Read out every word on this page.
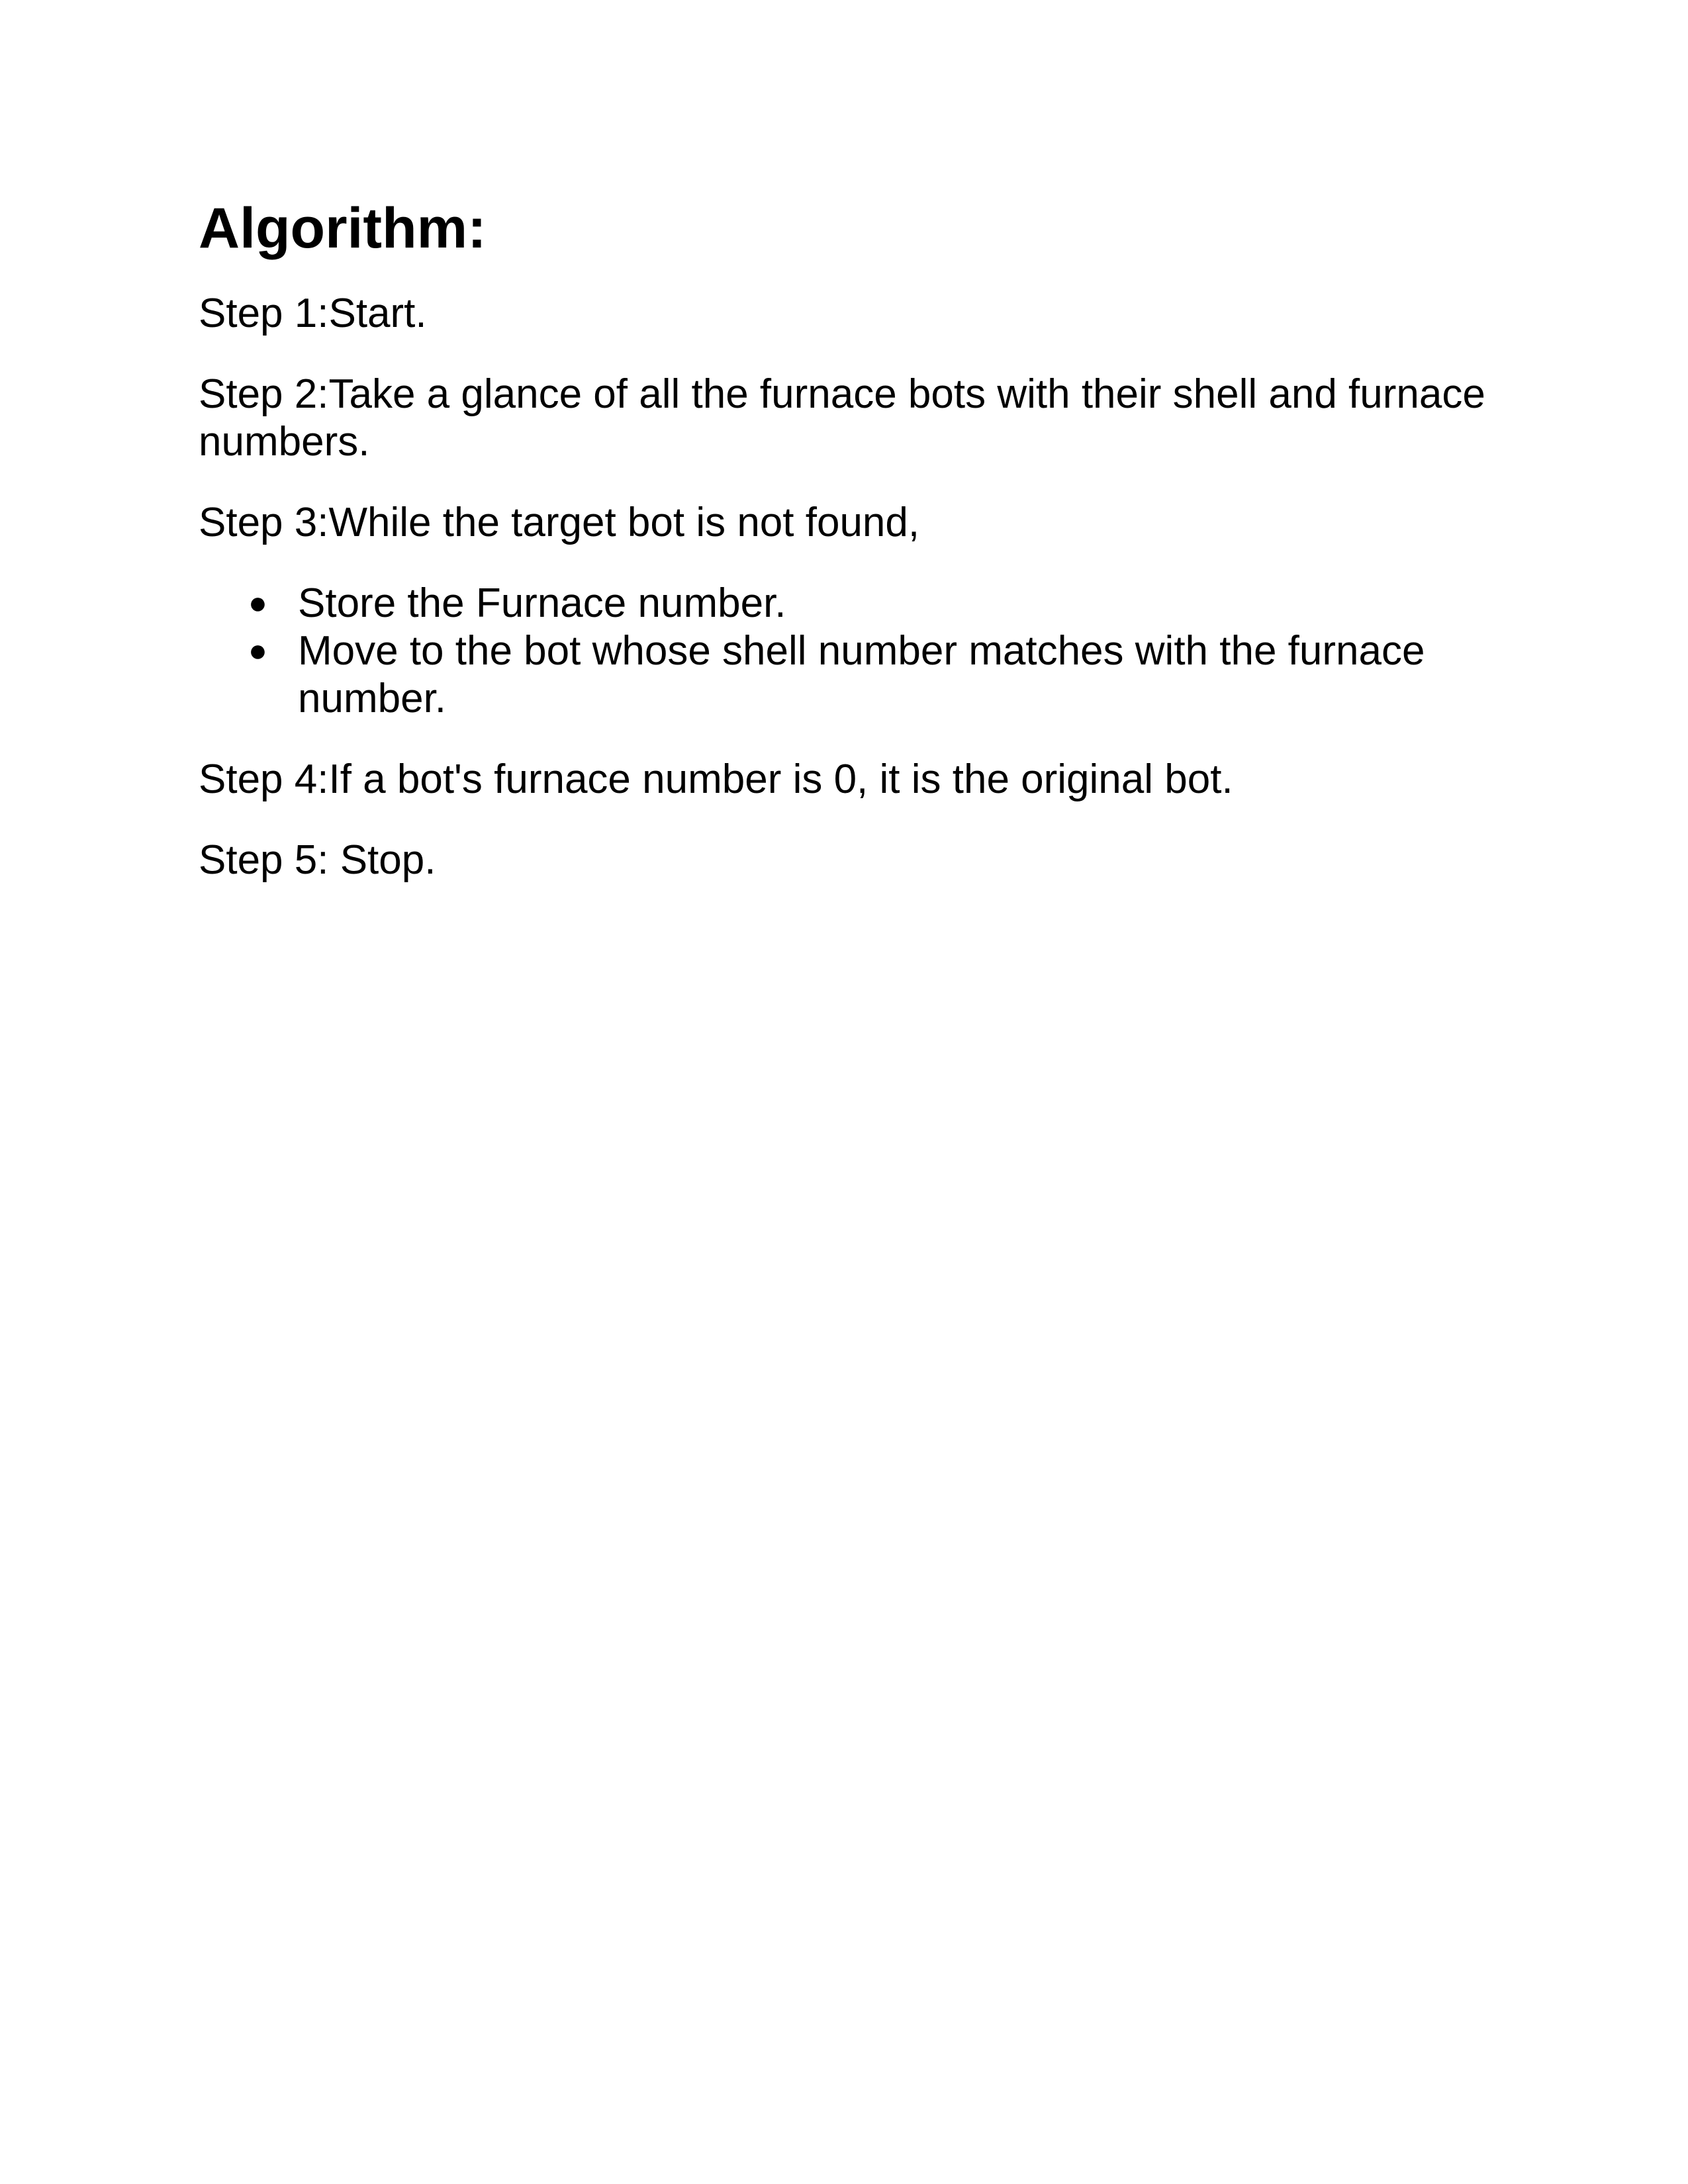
Algorithm:

Step 1:Start.

Step 2:Take a glance of all the furnace bots with their shell and furnace numbers.

Step 3:While the target bot is not found,

● Store the Furnace number.
● Move to the bot whose shell number matches with the furnace number.

Step 4:If a bot's furnace number is 0, it is the original bot.

Step 5: Stop.
